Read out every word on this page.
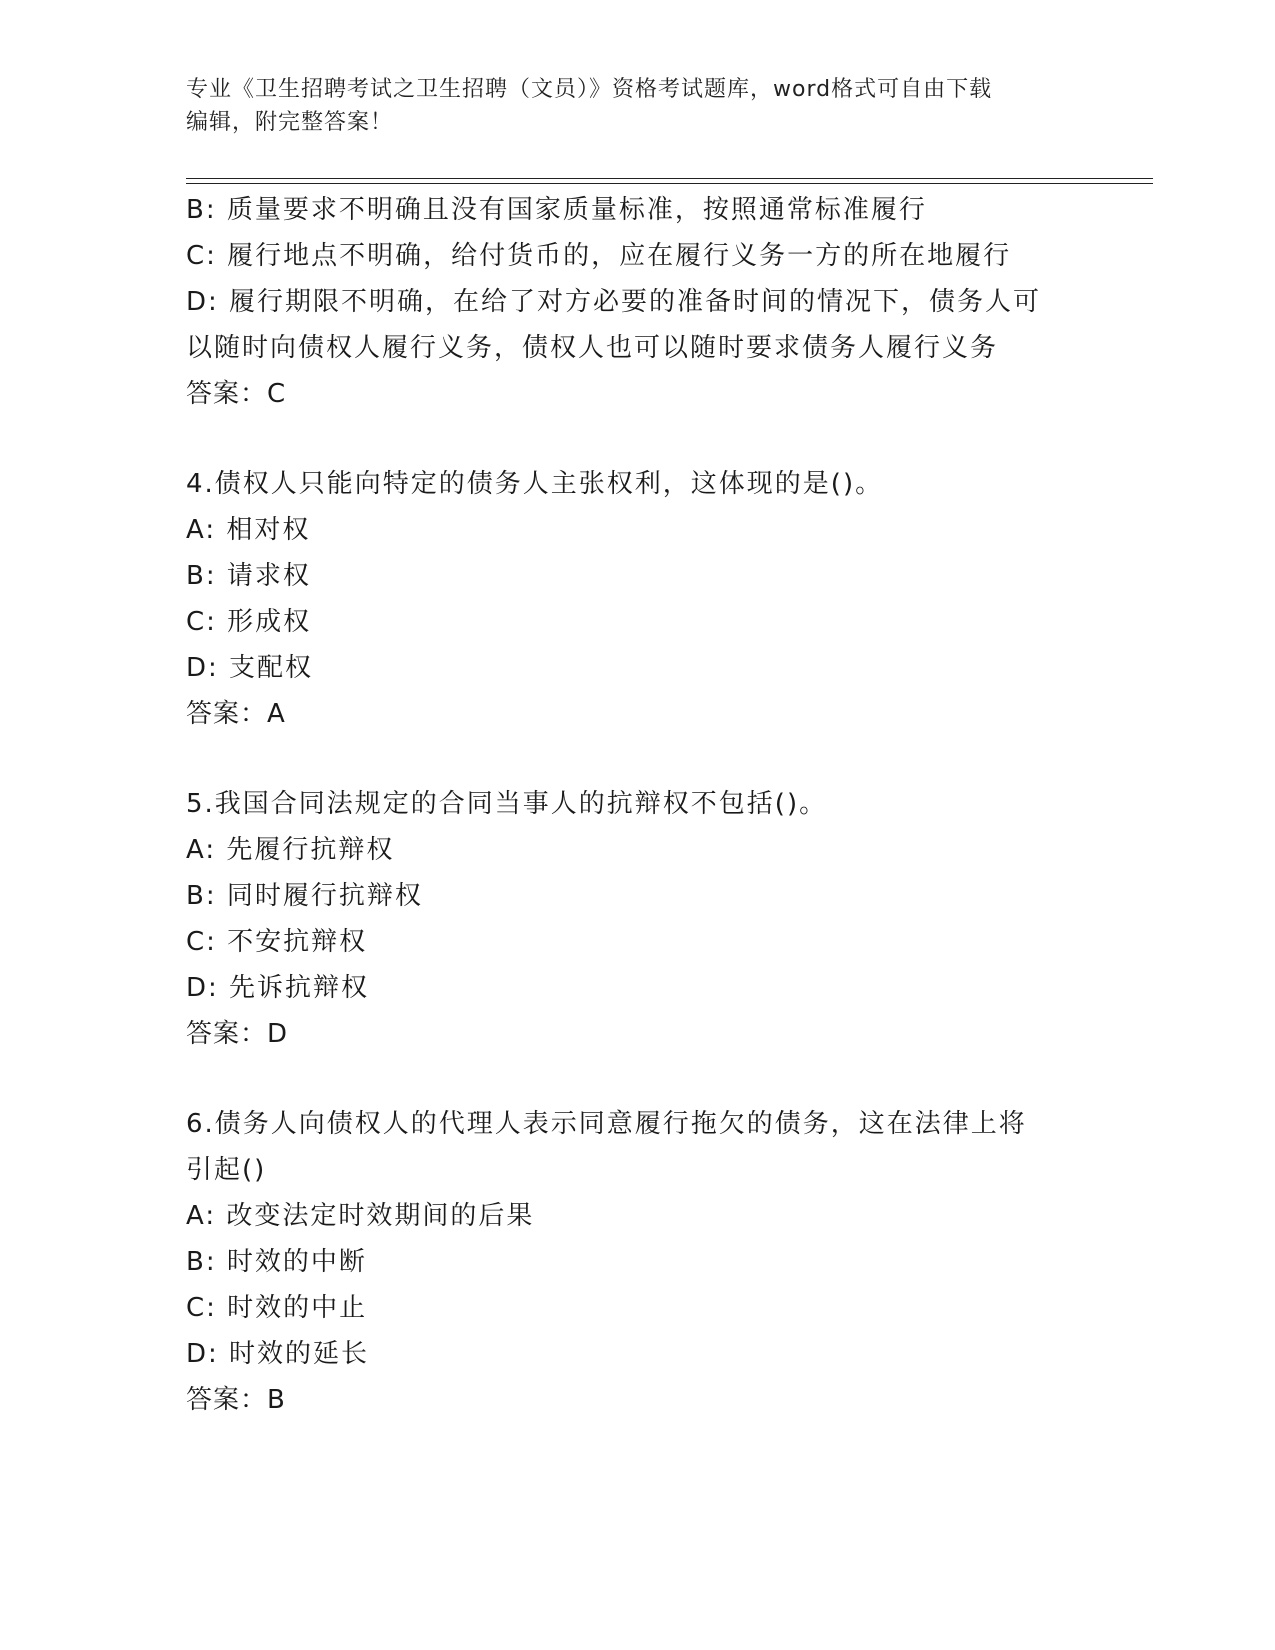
专业《卫生招聘考试之卫生招聘（文员）》资格考试题库，word格式可自由下载
编辑，附完整答案！
B: 质量要求不明确且没有国家质量标准，按照通常标准履行
C: 履行地点不明确，给付货币的，应在履行义务一方的所在地履行
D: 履行期限不明确，在给了对方必要的准备时间的情况下，债务人可
以随时向债权人履行义务，债权人也可以随时要求债务人履行义务
答案：C
4.债权人只能向特定的债务人主张权利，这体现的是()。
A: 相对权
B: 请求权
C: 形成权
D: 支配权
答案：A
5.我国合同法规定的合同当事人的抗辩权不包括()。
A: 先履行抗辩权
B: 同时履行抗辩权
C: 不安抗辩权
D: 先诉抗辩权
答案：D
6.债务人向债权人的代理人表示同意履行拖欠的债务，这在法律上将
引起()
A: 改变法定时效期间的后果
B: 时效的中断
C: 时效的中止
D: 时效的延长
答案：B
